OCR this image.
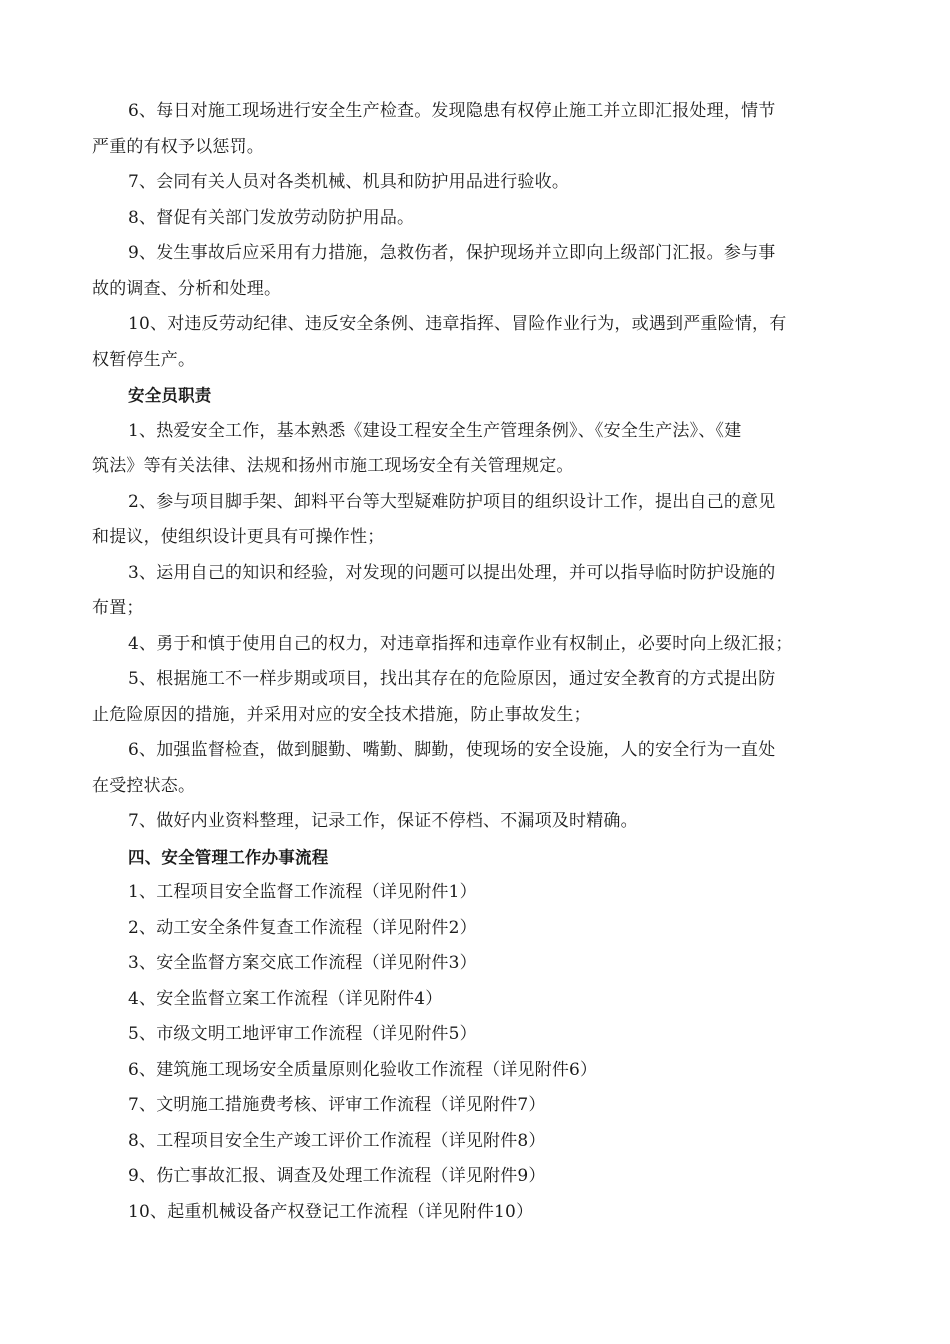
6、每日对施工现场进行安全生产检查。发现隐患有权停止施工并立即汇报处理，情节
严重的有权予以惩罚。
7、会同有关人员对各类机械、机具和防护用品进行验收。
8、督促有关部门发放劳动防护用品。
9、发生事故后应采用有力措施，急救伤者，保护现场并立即向上级部门汇报。参与事
故的调查、分析和处理。
10、对违反劳动纪律、违反安全条例、违章指挥、冒险作业行为，或遇到严重险情，有
权暂停生产。
安全员职责
1、热爱安全工作，基本熟悉《建设工程安全生产管理条例》、《安全生产法》、《建
筑法》等有关法律、法规和扬州市施工现场安全有关管理规定。
2、参与项目脚手架、卸料平台等大型疑难防护项目的组织设计工作，提出自己的意见
和提议，使组织设计更具有可操作性；
3、运用自己的知识和经验，对发现的问题可以提出处理，并可以指导临时防护设施的
布置；
4、勇于和慎于使用自己的权力，对违章指挥和违章作业有权制止，必要时向上级汇报；
5、根据施工不一样步期或项目，找出其存在的危险原因，通过安全教育的方式提出防
止危险原因的措施，并采用对应的安全技术措施，防止事故发生；
6、加强监督检查，做到腿勤、嘴勤、脚勤，使现场的安全设施，人的安全行为一直处
在受控状态。
7、做好内业资料整理，记录工作，保证不停档、不漏项及时精确。
四、安全管理工作办事流程
1、工程项目安全监督工作流程（详见附件1）
2、动工安全条件复查工作流程（详见附件2）
3、安全监督方案交底工作流程（详见附件3）
4、安全监督立案工作流程（详见附件4）
5、市级文明工地评审工作流程（详见附件5）
6、建筑施工现场安全质量原则化验收工作流程（详见附件6）
7、文明施工措施费考核、评审工作流程（详见附件7）
8、工程项目安全生产竣工评价工作流程（详见附件8）
9、伤亡事故汇报、调查及处理工作流程（详见附件9）
10、起重机械设备产权登记工作流程（详见附件10）
